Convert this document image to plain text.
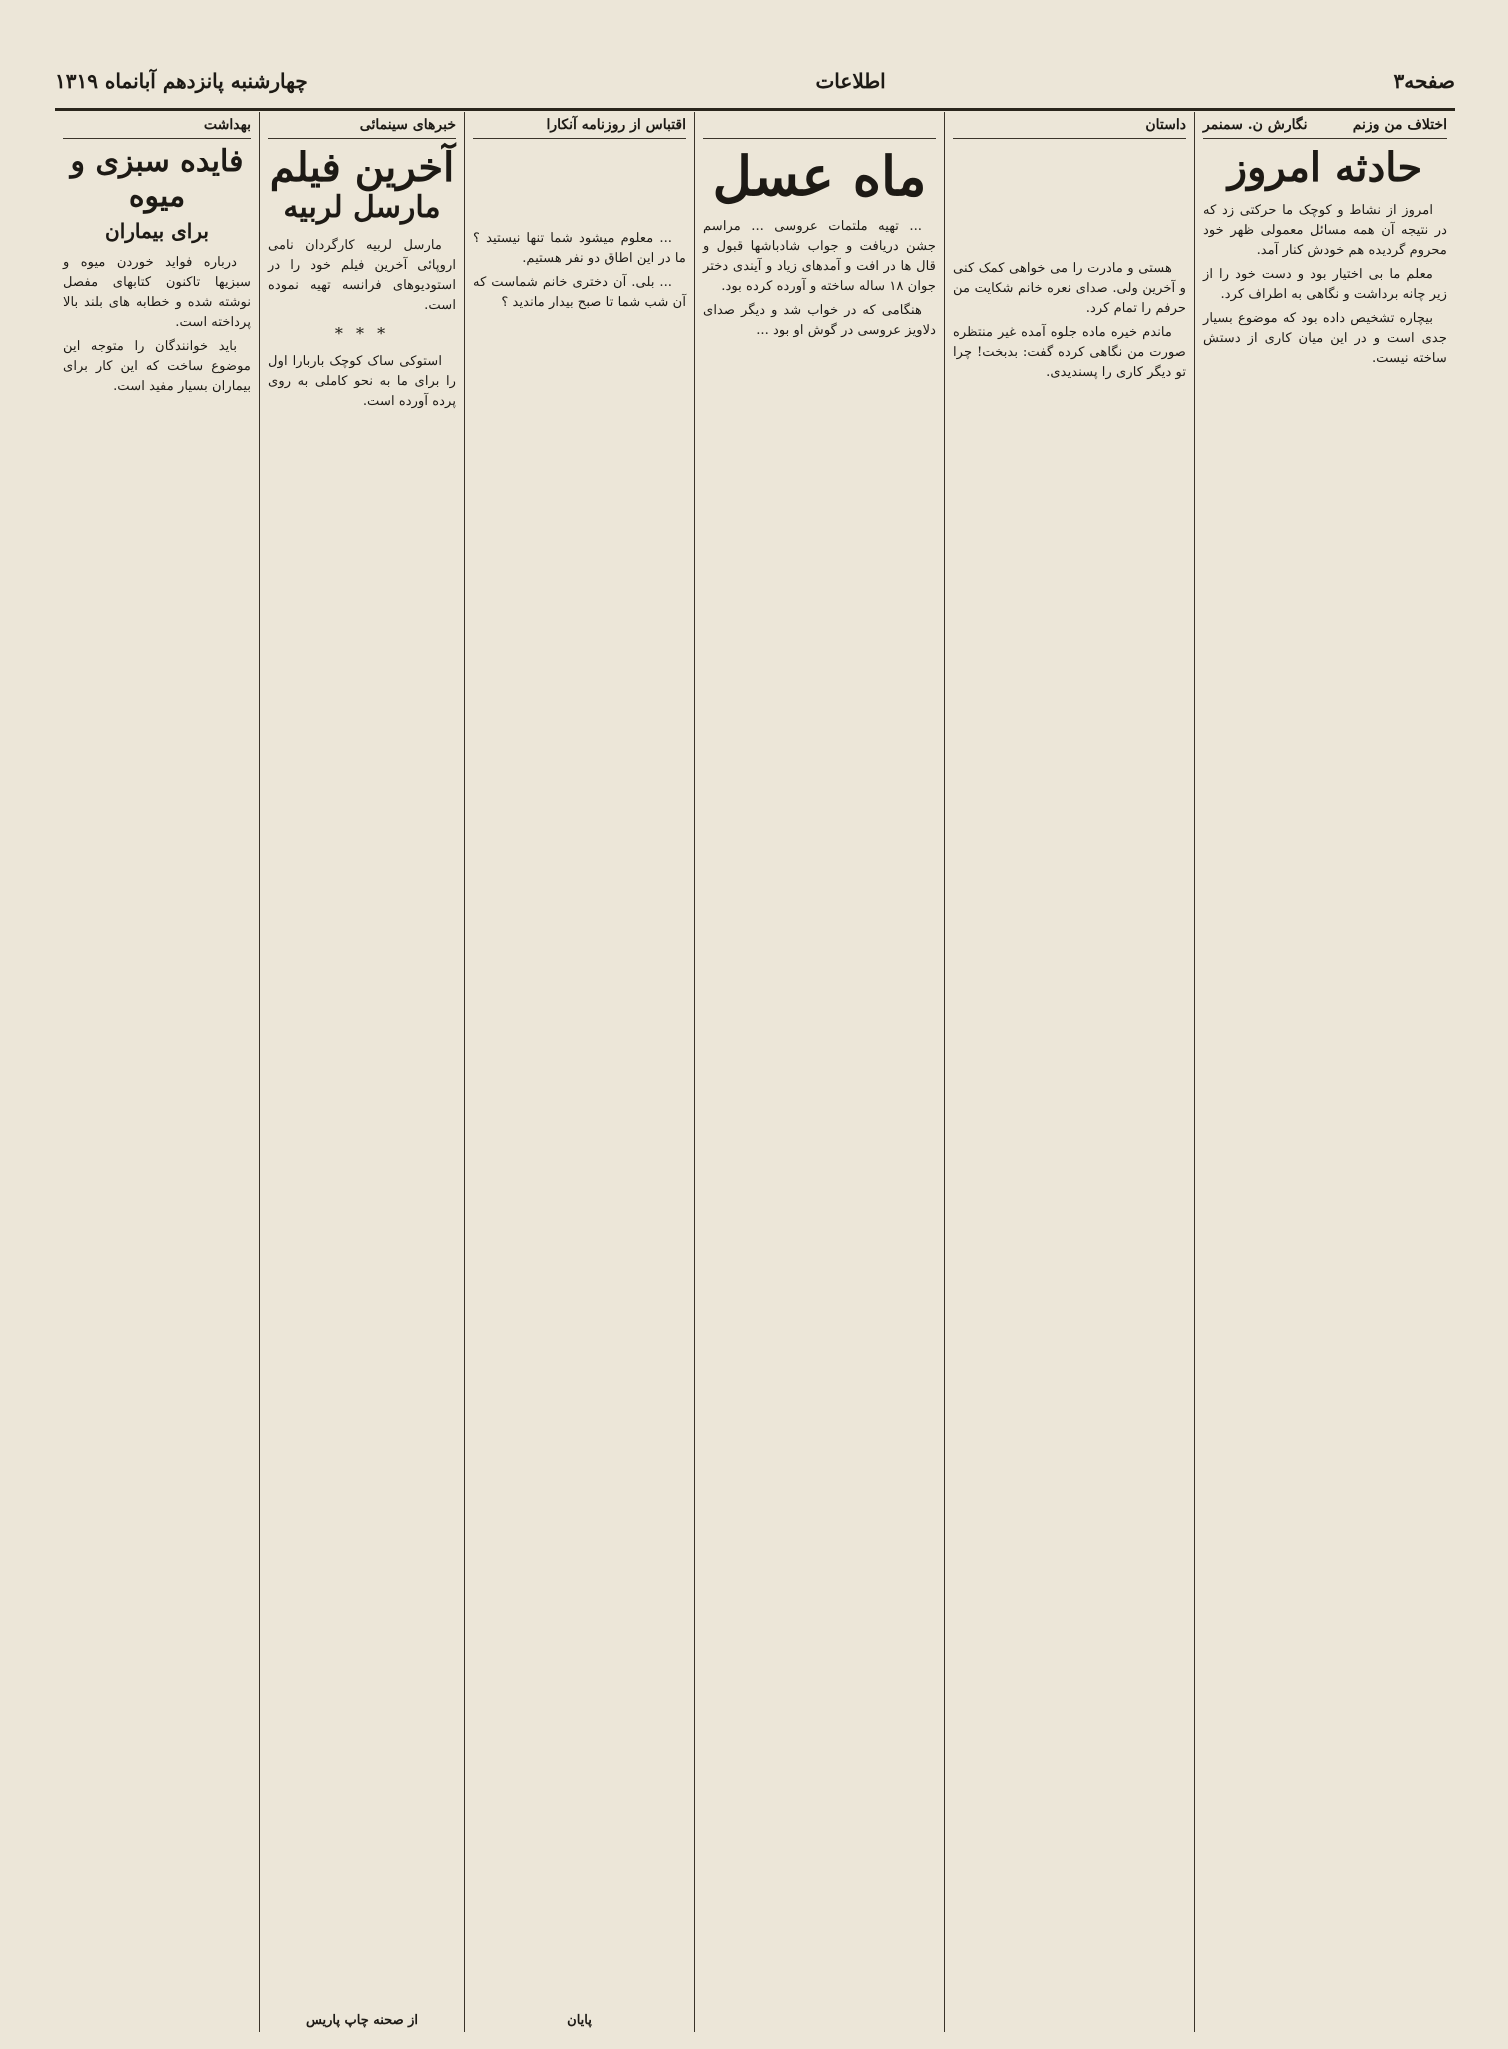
صفحه۳
اطلاعات
چهارشنبه پانزدهم آبانماه ۱۳۱۹
اختلاف من وزنم
نگارش ن. سمنمر
حادثه امروز

امروز از نشاط و کوچک ما حرکتی زد که در نتیجه آن همه مسائل معمولی ظهر خود محروم گردیده هم خودش کنار آمد.

معلم ما بی اختیار بود و دست خود را از زیر چانه برداشت و نگاهی به اطراف کرد.

بیچاره تشخیص داده بود که موضوع بسیار جدی است و در این میان کاری از دستش ساخته نیست.

داستان

هستی و مادرت را می خواهی کمک کنی و آخرین ولی. صدای نعره خانم شکایت من حرفم را تمام کرد.

ماندم خیره ماده جلوه آمده غیر منتظره صورت من نگاهی کرده گفت: بدبخت! چرا تو دیگر کاری را پسندیدی.

ماه عسل

... تهیه ملتمات عروسی ... مراسم جشن دریافت و جواب شادباشها قبول و قال ها در افت و آمدهای زیاد و آیندی دختر جوان ۱۸ ساله ساخته و آورده کرده بود.

هنگامی که در خواب شد و دیگر صدای دلاویز عروسی در گوش او بود ...

اقتباس از روزنامه آنکارا

... معلوم میشود شما تنها نیستید ؟ ما در این اطاق دو نفر هستیم.

... بلی. آن دختری خانم شماست که آن شب شما تا صبح بیدار ماندید ؟

پایان
خبرهای سینمائی
آخرین فیلم
مارسل لربیه

مارسل لربیه کارگردان نامی اروپائی آخرین فیلم خود را در استودیوهای فرانسه تهیه نموده است.

* * *

استوکی ساک کوچک باربارا اول را برای ما به نحو کاملی به روی پرده آورده است.

از صحنه چاپ پاریس
بهداشت
فایده سبزی و میوه
برای بیماران

درباره فواید خوردن میوه و سبزیها تاکنون کتابهای مفصل نوشته شده و خطابه های بلند بالا پرداخته است.

باید خوانندگان را متوجه این موضوع ساخت که این کار برای بیماران بسیار مفید است.
